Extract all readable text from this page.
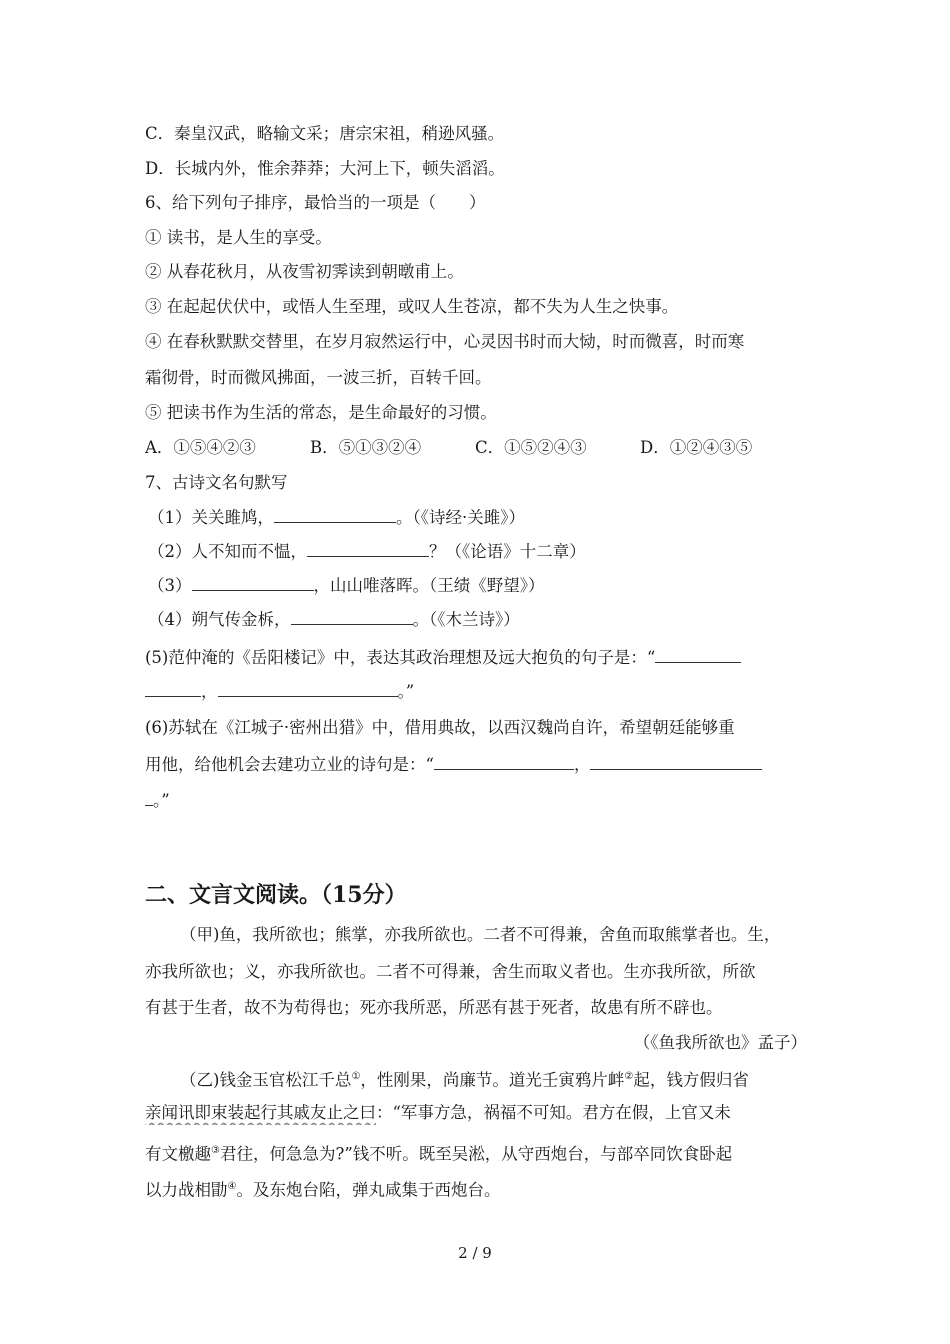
C．秦皇汉武，略输文采；唐宗宋祖，稍逊风骚。
D．长城内外，惟余莽莽；大河上下，顿失滔滔。
6、给下列句子排序，最恰当的一项是（　　）
① 读书，是人生的享受。
② 从春花秋月，从夜雪初霁读到朝暾甫上。
③ 在起起伏伏中，或悟人生至理，或叹人生苍凉，都不失为人生之快事。
④ 在春秋默默交替里，在岁月寂然运行中，心灵因书时而大恸，时而微喜，时而寒
霜彻骨，时而微风拂面，一波三折，百转千回。
⑤ 把读书作为生活的常态，是生命最好的习惯。
A．①⑤④②③	B．⑤①③②④	C．①⑤②④③	D．①②④③⑤
7、古诗文名句默写
（1）关关雎鸠，	。（《诗经·关雎》）
（2）人不知而不愠，	？（《论语》十二章）
（3）	，山山唯落晖。（王绩《野望》）
（4）朔气传金柝，	。（《木兰诗》）
(5)范仲淹的《岳阳楼记》中，表达其政治理想及远大抱负的句子是：“
，	。”
(6)苏轼在《江城子·密州出猎》中，借用典故，以西汉魏尚自许，希望朝廷能够重
用他，给他机会去建功立业的诗句是：“	，
。”
二、文言文阅读。（15分）
（甲)鱼，我所欲也；熊掌，亦我所欲也。二者不可得兼，舍鱼而取熊掌者也。生，
亦我所欲也；义，亦我所欲也。二者不可得兼，舍生而取义者也。生亦我所欲，所欲
有甚于生者，故不为苟得也；死亦我所恶，所恶有甚于死者，故患有所不辟也。
（《鱼我所欲也》孟子）
（乙)钱金玉官松江千总①，性刚果，尚廉节。道光壬寅鸦片衅②起，钱方假归省
亲闻讯即束装起行其戚友止之曰：“军事方急，祸福不可知。君方在假，上官又未
有文檄趣③君往，何急急为?”钱不听。既至吴淞，从守西炮台，与部卒同饮食卧起
以力战相勖④。及东炮台陷，弹丸咸集于西炮台。
2 / 9
